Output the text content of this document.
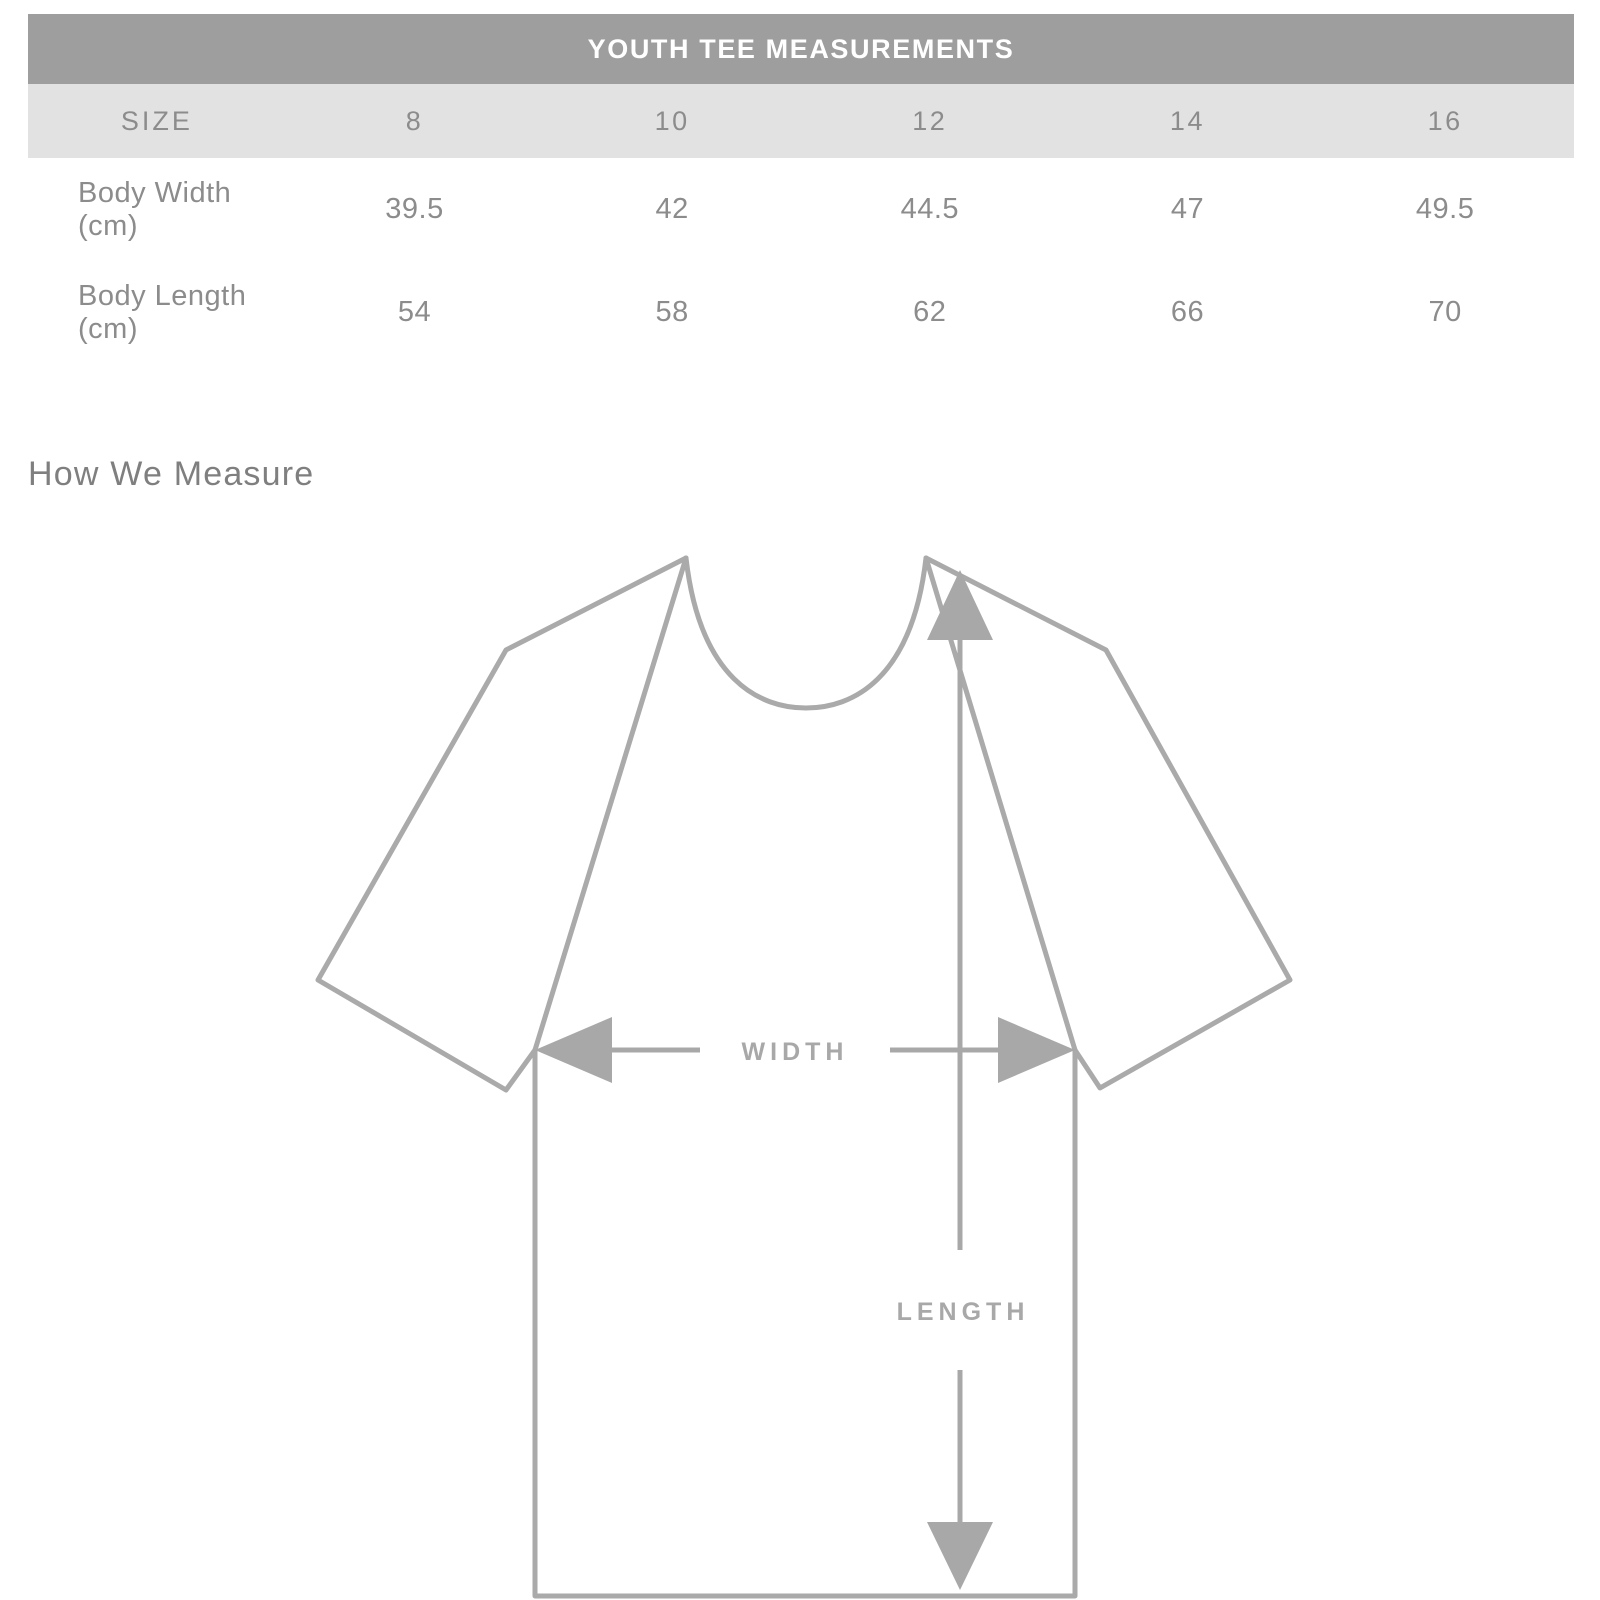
YOUTH TEE MEASUREMENTS					
SIZE	8	10	12	14	16
Body Width (cm)	39.5	42	44.5	47	49.5
Body Length (cm)	54	58	62	66	70
How We Measure
WIDTH
LENGTH
